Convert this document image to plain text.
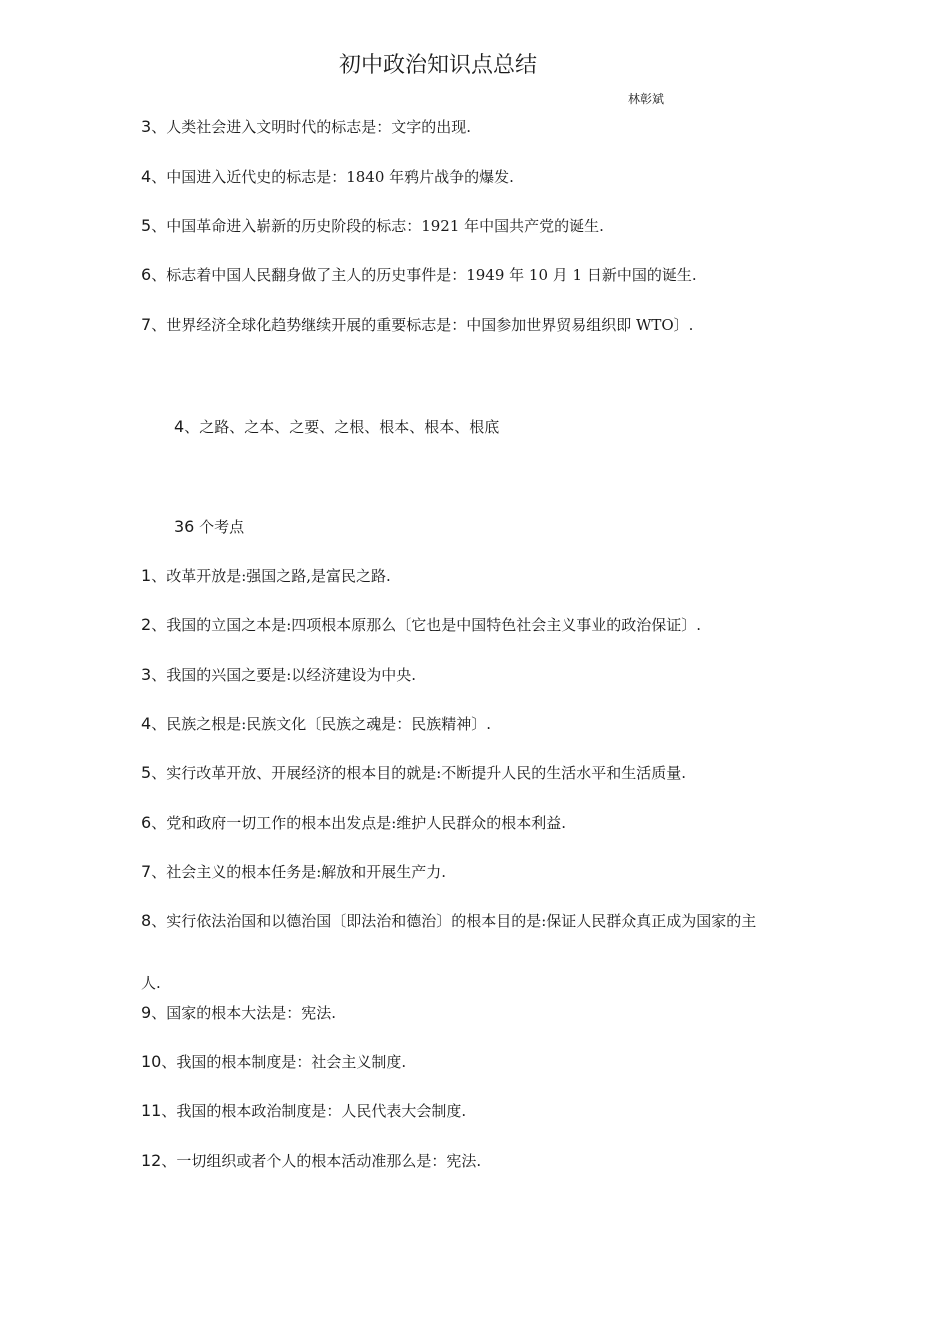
初中政治知识点总结
林彰斌
3、人类社会进入文明时代的标志是：文字的出现.
4、中国进入近代史的标志是：1840 年鸦片战争的爆发.
5、中国革命进入崭新的历史阶段的标志：1921 年中国共产党的诞生.
6、标志着中国人民翻身做了主人的历史事件是：1949 年 10 月 1 日新中国的诞生.
7、世界经济全球化趋势继续开展的重要标志是：中国参加世界贸易组织即 WTO〕.
4、之路、之本、之要、之根、根本、根本、根底
36 个考点
1、改革开放是:强国之路,是富民之路.
2、我国的立国之本是:四项根本原那么〔它也是中国特色社会主义事业的政治保证〕.
3、我国的兴国之要是:以经济建设为中央.
4、民族之根是:民族文化〔民族之魂是：民族精神〕.
5、实行改革开放、开展经济的根本目的就是:不断提升人民的生活水平和生活质量.
6、党和政府一切工作的根本出发点是:维护人民群众的根本利益.
7、社会主义的根本任务是:解放和开展生产力.
8、实行依法治国和以德治国〔即法治和德治〕的根本目的是:保证人民群众真正成为国家的主
人.
9、国家的根本大法是：宪法.
10、我国的根本制度是：社会主义制度.
11、我国的根本政治制度是：人民代表大会制度.
12、一切组织或者个人的根本活动准那么是：宪法.
